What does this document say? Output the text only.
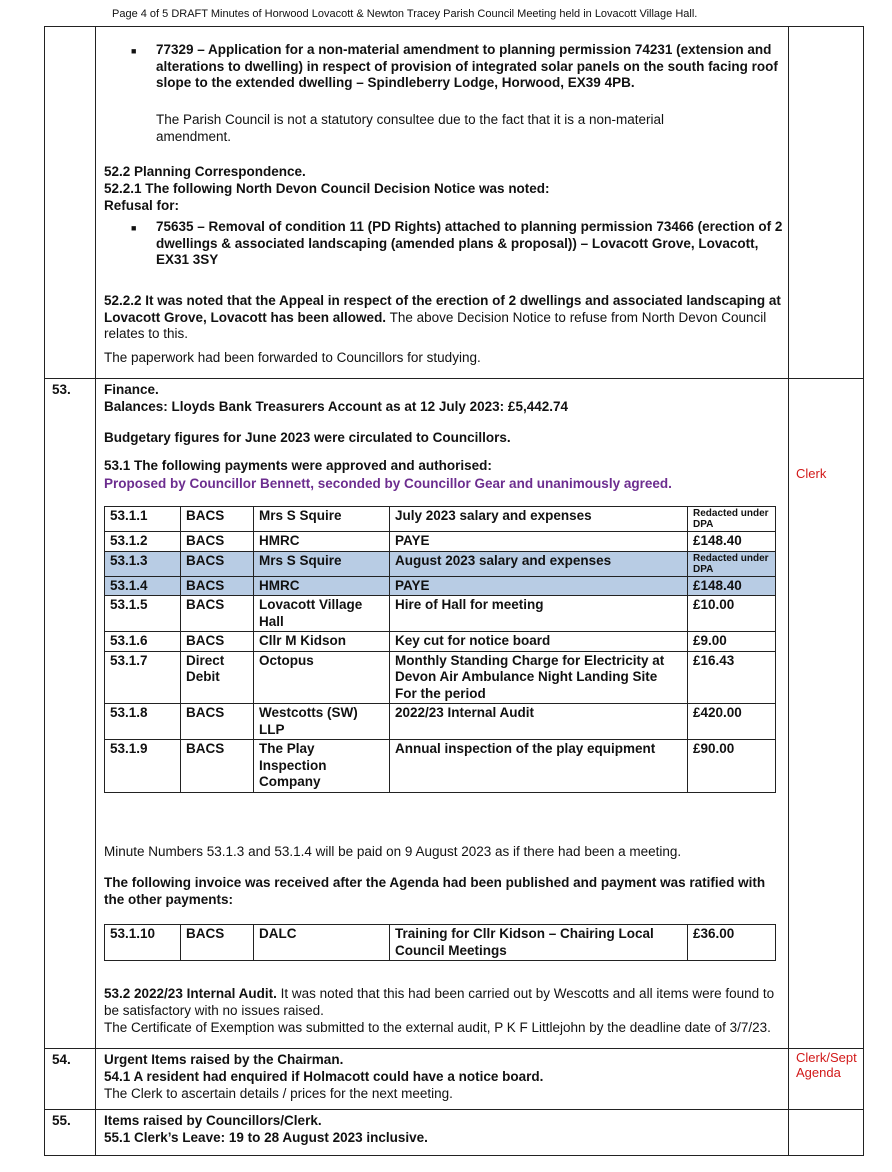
Page 4 of 5 DRAFT Minutes of Horwood Lovacott & Newton Tracey Parish Council Meeting held in Lovacott Village Hall.
■ 77329 – Application for a non-material amendment to planning permission 74231 (extension and alterations to dwelling) in respect of provision of integrated solar panels on the south facing roof slope to the extended dwelling – Spindleberry Lodge, Horwood, EX39 4PB.
The Parish Council is not a statutory consultee due to the fact that it is a non-material amendment.
52.2 Planning Correspondence.
52.2.1 The following North Devon Council Decision Notice was noted:
Refusal for:
■ 75635 – Removal of condition 11 (PD Rights) attached to planning permission 73466 (erection of 2 dwellings & associated landscaping (amended plans & proposal)) – Lovacott Grove, Lovacott, EX31 3SY
52.2.2 It was noted that the Appeal in respect of the erection of 2 dwellings and associated landscaping at Lovacott Grove, Lovacott has been allowed. The above Decision Notice to refuse from North Devon Council relates to this.
The paperwork had been forwarded to Councillors for studying.
53. Finance.
Balances: Lloyds Bank Treasurers Account as at 12 July 2023: £5,442.74
Budgetary figures for June 2023 were circulated to Councillors.
53.1 The following payments were approved and authorised:
Proposed by Councillor Bennett, seconded by Councillor Gear and unanimously agreed.
Clerk
53.1.1	BACS	Mrs S Squire	July 2023 salary and expenses	Redacted under DPA

53.1.2	BACS	HMRC	PAYE	£148.40
53.1.3	BACS	Mrs S Squire	August 2023 salary and expenses	Redacted under DPA

53.1.4	BACS	HMRC	PAYE	£148.40
53.1.5	BACS	Lovacott Village Hall	Hire of Hall for meeting	£10.00
53.1.6	BACS	Cllr M Kidson	Key cut for notice board	£9.00
53.1.7	Direct Debit	Octopus	Monthly Standing Charge for Electricity at Devon Air Ambulance Night Landing Site For the period	£16.43
53.1.8	BACS	Westcotts (SW) LLP	2022/23 Internal Audit	£420.00
53.1.9	BACS	The Play Inspection Company	Annual inspection of the play equipment	£90.00
Minute Numbers 53.1.3 and 53.1.4 will be paid on 9 August 2023 as if there had been a meeting.
The following invoice was received after the Agenda had been published and payment was ratified with the other payments:
53.1.10	BACS	DALC	Training for Cllr Kidson – Chairing Local Council Meetings	£36.00
53.2 2022/23 Internal Audit. It was noted that this had been carried out by Wescotts and all items were found to be satisfactory with no issues raised.
The Certificate of Exemption was submitted to the external audit, P K F Littlejohn by the deadline date of 3/7/23.
54. Urgent Items raised by the Chairman.
54.1 A resident had enquired if Holmacott could have a notice board.
The Clerk to ascertain details / prices for the next meeting.
Clerk/Sept Agenda
55. Items raised by Councillors/Clerk.
55.1 Clerk’s Leave: 19 to 28 August 2023 inclusive.
